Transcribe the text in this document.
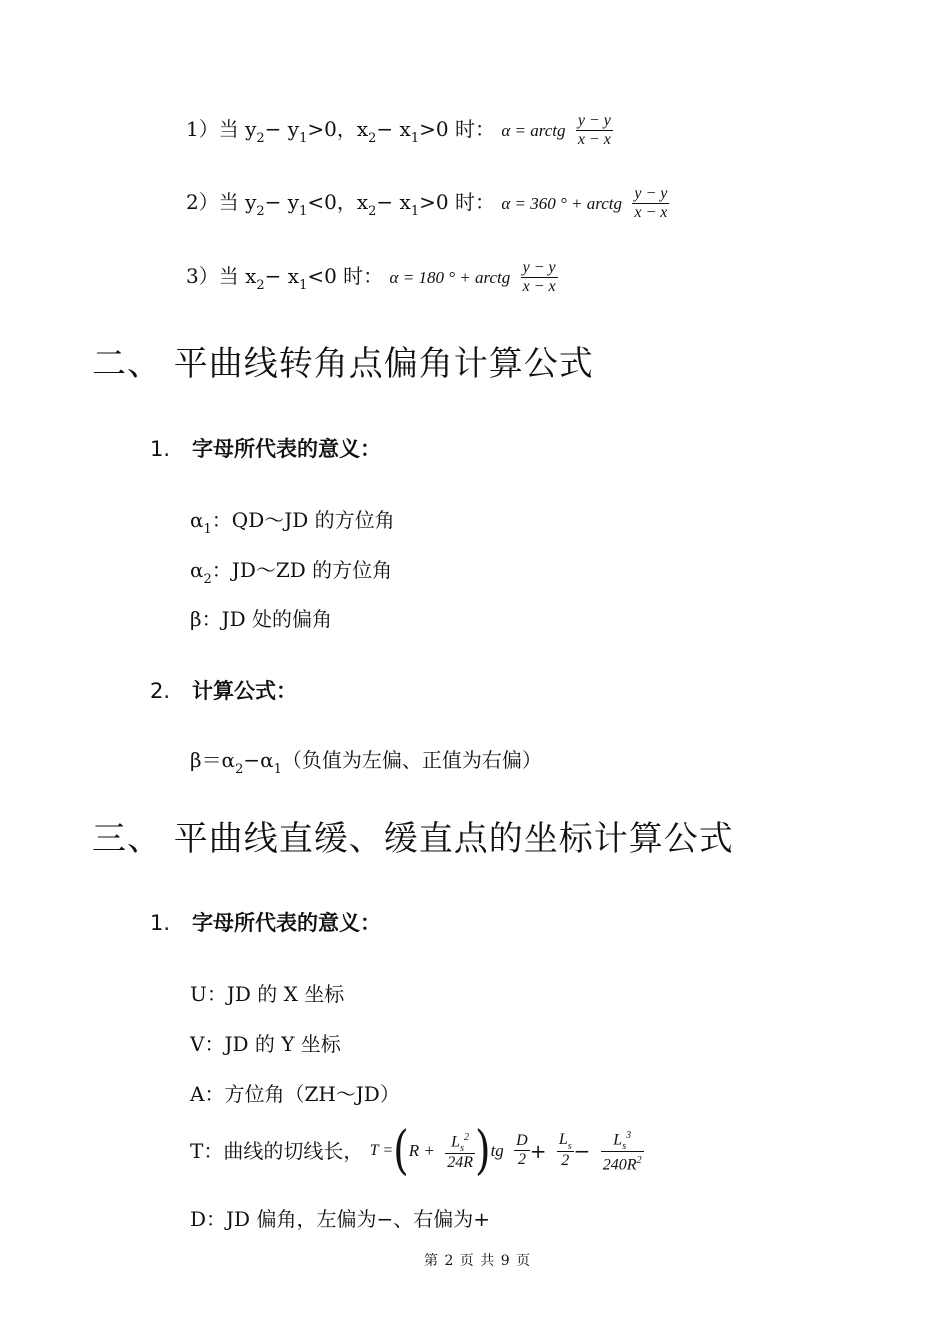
1）当 $y_2- y_1>0$，$x_2- x_1>0$ 时： α = arctg $\frac{y - y}{x - x}$
2）当 $y_2- y_1<0$，$x_2- x_1>0$ 时： α = 360 ° + arctg $\frac{y - y}{x - x}$
3）当 $x_2- x_1<0$ 时： α = 180 ° + arctg $\frac{y - y}{x - x}$
二、 平曲线转角点偏角计算公式
1. 字母所代表的意义：
$\alpha_1$：QD～JD 的方位角
$\alpha_2$：JD～ZD 的方位角
β：JD 处的偏角
2. 计算公式：
$\beta=\alpha_2-\alpha_1$（负值为左偏、正值为右偏）
三、 平曲线直缓、缓直点的坐标计算公式
1. 字母所代表的意义：
U：JD 的 X 坐标
V：JD 的 Y 坐标
A：方位角（ZH～JD）
T：曲线的切线长， $T =(R + \frac{L_s^2}{24R} )tg \frac{D}{2} + \frac{L_s}{2} - \frac{L_s^3}{240R^2}$
D：JD 偏角，左偏为−、右偏为+
第 2 页 共 9 页
